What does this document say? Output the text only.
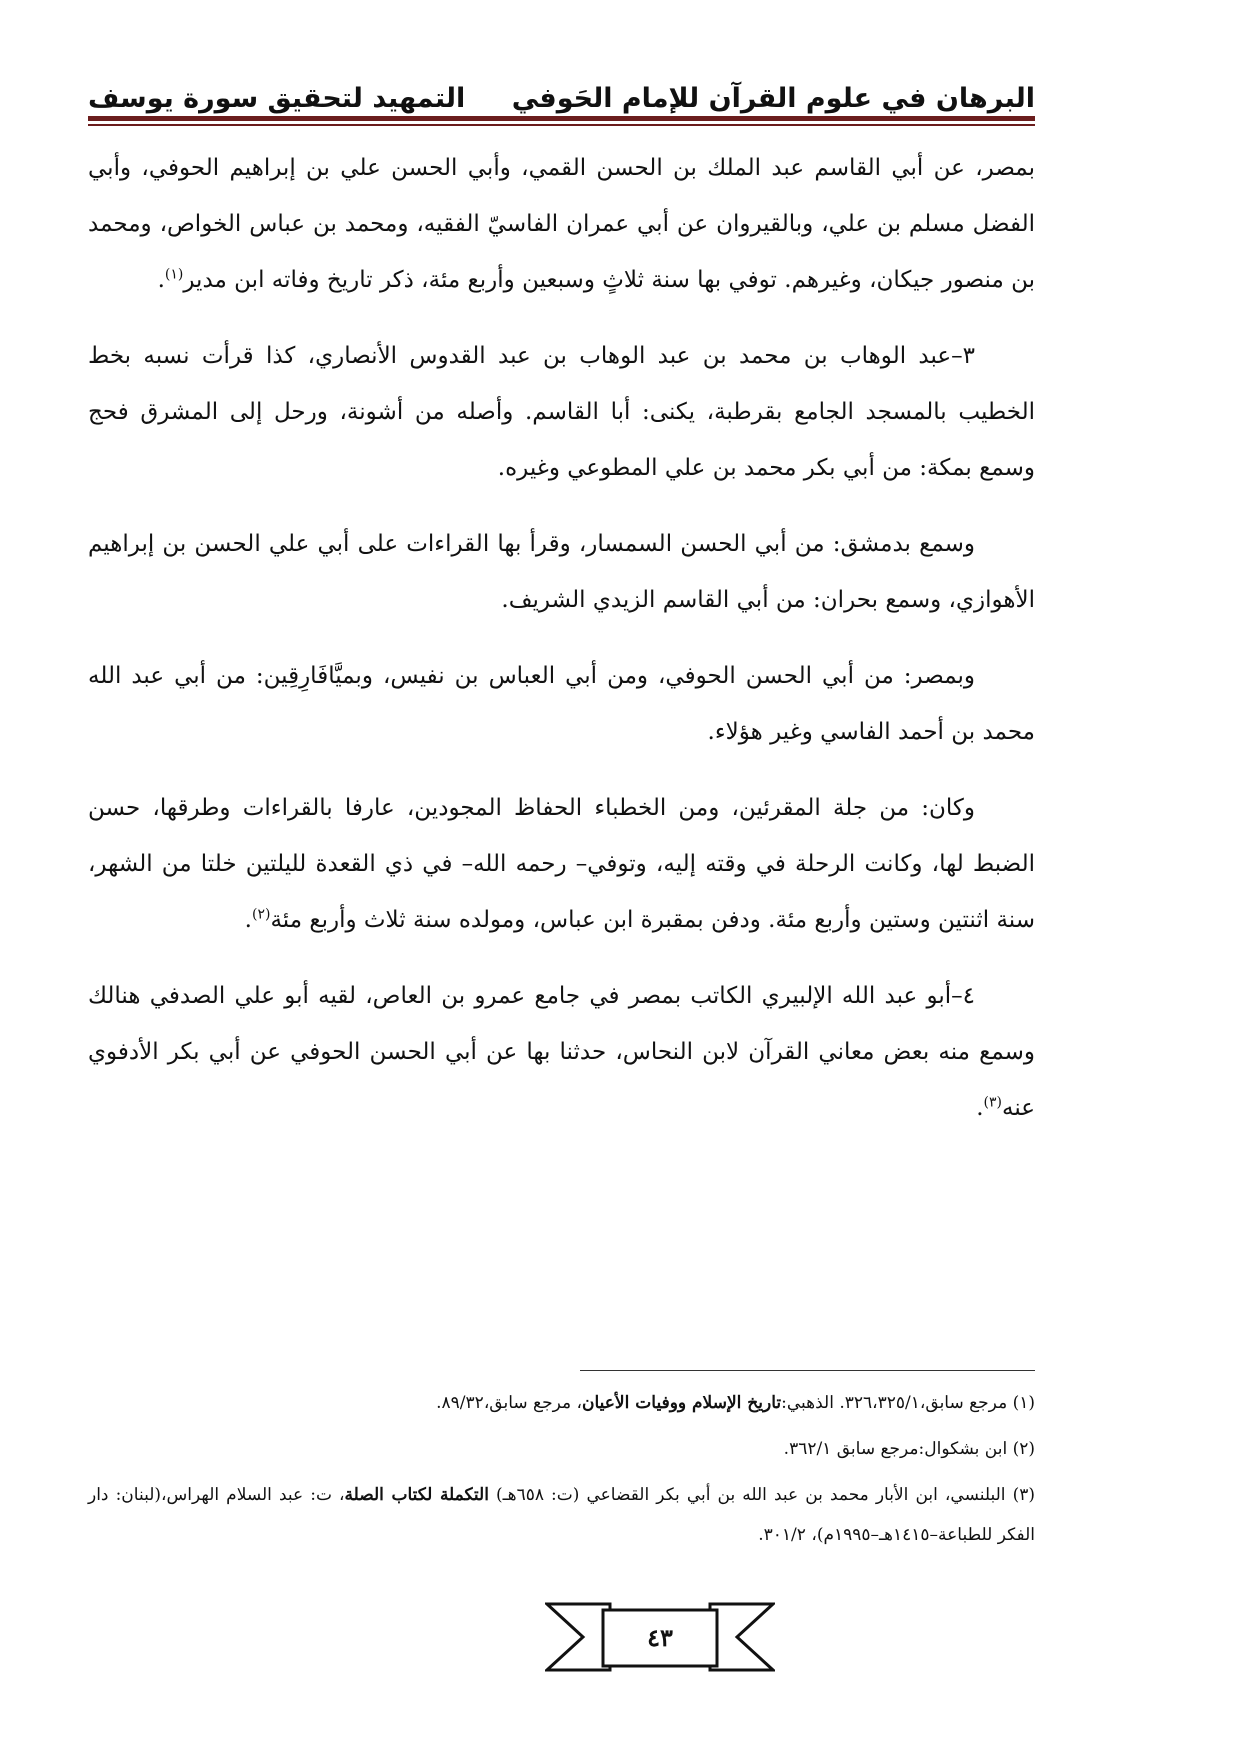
البرهان في علوم القرآن للإمام الحَوفي
التمهيد لتحقيق سورة يوسف

بمصر، عن أبي القاسم عبد الملك بن الحسن القمي، وأبي الحسن علي بن إبراهيم الحوفي، وأبي الفضل مسلم بن علي، وبالقيروان عن أبي عمران الفاسيّ الفقيه، ومحمد بن عباس الخواص، ومحمد بن منصور جيكان، وغيرهم. توفي بها سنة ثلاثٍ وسبعين وأربع مئة، ذكر تاريخ وفاته ابن مدير$^{(١)}$.

٣–عبد الوهاب بن محمد بن عبد الوهاب بن عبد القدوس الأنصاري، كذا قرأت نسبه بخط الخطيب بالمسجد الجامع بقرطبة، يكنى: أبا القاسم. وأصله من أشونة، ورحل إلى المشرق فحج وسمع بمكة: من أبي بكر محمد بن علي المطوعي وغيره.

وسمع بدمشق: من أبي الحسن السمسار، وقرأ بها القراءات على أبي علي الحسن بن إبراهيم الأهوازي، وسمع بحران: من أبي القاسم الزيدي الشريف.

وبمصر: من أبي الحسن الحوفي، ومن أبي العباس بن نفيس، وبميَّافَارِقِين: من أبي عبد الله محمد بن أحمد الفاسي وغير هؤلاء.

وكان: من جلة المقرئين، ومن الخطباء الحفاظ المجودين، عارفا بالقراءات وطرقها، حسن الضبط لها، وكانت الرحلة في وقته إليه، وتوفي– رحمه الله– في ذي القعدة لليلتين خلتا من الشهر، سنة اثنتين وستين وأربع مئة. ودفن بمقبرة ابن عباس، ومولده سنة ثلاث وأربع مئة$^{(٢)}$.

٤–أبو عبد الله الإلبيري الكاتب بمصر في جامع عمرو بن العاص، لقيه أبو علي الصدفي هنالك وسمع منه بعض معاني القرآن لابن النحاس، حدثنا بها عن أبي الحسن الحوفي عن أبي بكر الأدفوي عنه$^{(٣)}$.

(١) مرجع سابق،٣٢٦،٣٢٥/١. الذهبي:تاريخ الإسلام ووفيات الأعيان، مرجع سابق،٨٩/٣٢.

(٢) ابن بشكوال:مرجع سابق ٣٦٢/١.

(٣) البلنسي، ابن الأبار محمد بن عبد الله بن أبي بكر القضاعي (ت: ٦٥٨هـ) التكملة لكتاب الصلة، ت: عبد السلام الهراس،(لبنان: دار الفكر للطباعة–١٤١٥هـ–١٩٩٥م)، ٣٠١/٢.

٤٣
